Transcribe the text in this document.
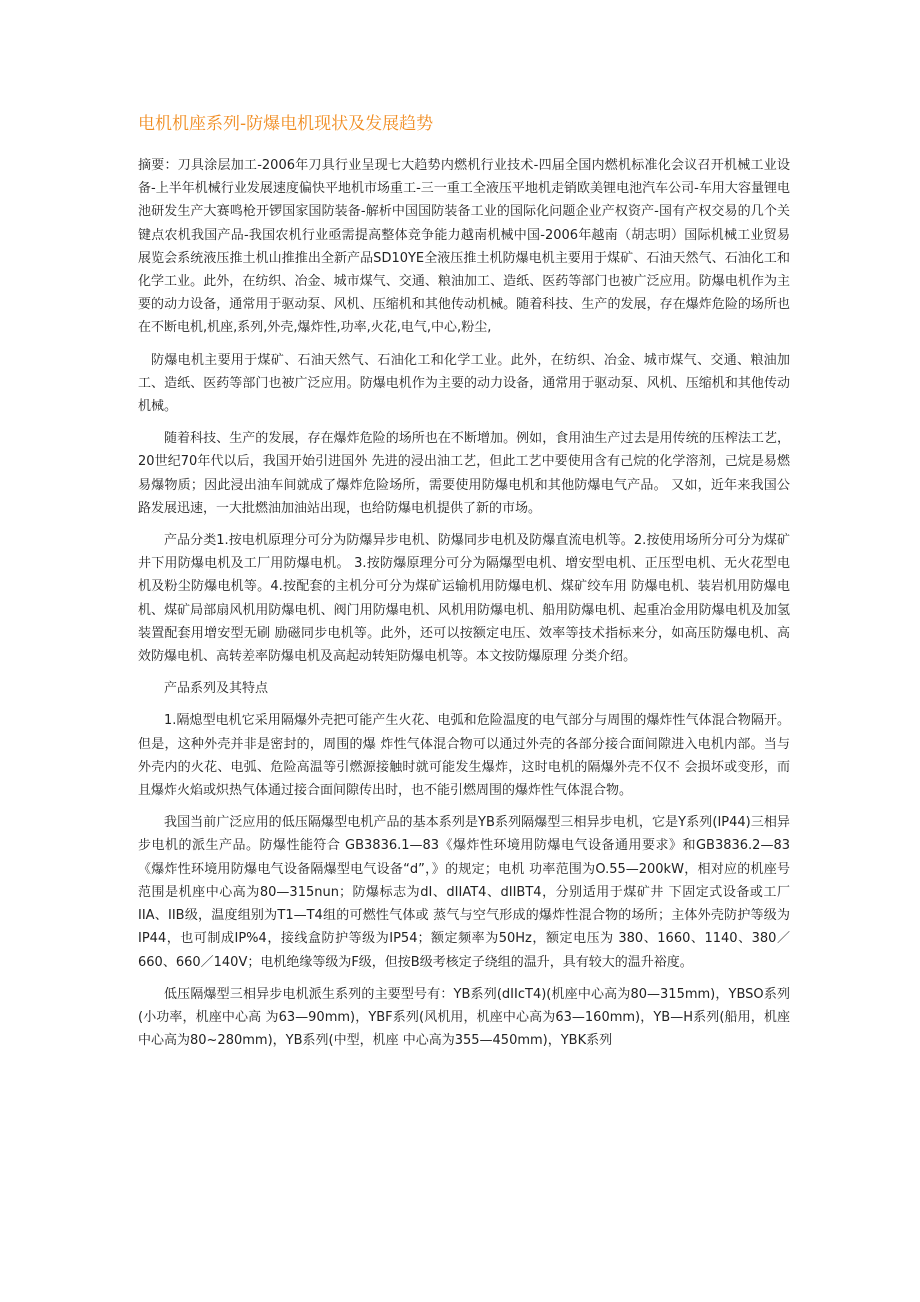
电机机座系列-防爆电机现状及发展趋势

摘要：刀具涂层加工-2006年刀具行业呈现七大趋势内燃机行业技术-四届全国内燃机标准化会议召开机械工业设备-上半年机械行业发展速度偏快平地机市场重工-三一重工全液压平地机走销欧美锂电池汽车公司-车用大容量锂电池研发生产大赛鸣枪开锣国家国防装备-解析中国国防装备工业的国际化问题企业产权资产-国有产权交易的几个关键点农机我国产品-我国农机行业亟需提高整体竞争能力越南机械中国-2006年越南（胡志明）国际机械工业贸易展览会系统液压推土机山推推出全新产品SD10YE全液压推土机防爆电机主要用于煤矿、石油天然气、石油化工和化学工业。此外，在纺织、冶金、城市煤气、交通、粮油加工、造纸、医药等部门也被广泛应用。防爆电机作为主要的动力设备，通常用于驱动泵、风机、压缩机和其他传动机械。随着科技、生产的发展，存在爆炸危险的场所也在不断电机,机座,系列,外壳,爆炸性,功率,火花,电气,中心,粉尘,

防爆电机主要用于煤矿、石油天然气、石油化工和化学工业。此外，在纺织、冶金、城市煤气、交通、粮油加工、造纸、医药等部门也被广泛应用。防爆电机作为主要的动力设备，通常用于驱动泵、风机、压缩机和其他传动机械。

随着科技、生产的发展，存在爆炸危险的场所也在不断增加。例如，食用油生产过去是用传统的压榨法工艺，20世纪70年代以后，我国开始引进国外 先进的浸出油工艺，但此工艺中要使用含有己烷的化学溶剂，己烷是易燃易爆物质；因此浸出油车间就成了爆炸危险场所，需要使用防爆电机和其他防爆电气产品。 又如，近年来我国公路发展迅速，一大批燃油加油站出现，也给防爆电机提供了新的市场。

产品分类1.按电机原理分可分为防爆异步电机、防爆同步电机及防爆直流电机等。2.按使用场所分可分为煤矿井下用防爆电机及工厂用防爆电机。 3.按防爆原理分可分为隔爆型电机、增安型电机、正压型电机、无火花型电机及粉尘防爆电机等。4.按配套的主机分可分为煤矿运输机用防爆电机、煤矿绞车用 防爆电机、装岩机用防爆电机、煤矿局部扇风机用防爆电机、阀门用防爆电机、风机用防爆电机、船用防爆电机、起重冶金用防爆电机及加氢装置配套用增安型无刷 励磁同步电机等。此外，还可以按额定电压、效率等技术指标来分，如高压防爆电机、高效防爆电机、高转差率防爆电机及高起动转矩防爆电机等。本文按防爆原理 分类介绍。

产品系列及其特点

1.隔熄型电机它采用隔爆外壳把可能产生火花、电弧和危险温度的电气部分与周围的爆炸性气体混合物隔开。但是，这种外壳并非是密封的，周围的爆 炸性气体混合物可以通过外壳的各部分接合面间隙进入电机内部。当与外壳内的火花、电弧、危险高温等引燃源接触时就可能发生爆炸，这时电机的隔爆外壳不仅不 会损坏或变形，而且爆炸火焰或炽热气体通过接合面间隙传出时，也不能引燃周围的爆炸性气体混合物。

我国当前广泛应用的低压隔爆型电机产品的基本系列是YB系列隔爆型三相异步电机，它是Y系列(IP44)三相异步电机的派生产品。防爆性能符合 GB3836.1—83《爆炸性环境用防爆电气设备通用要求》和GB3836.2—83《爆炸性环境用防爆电气设备隔爆型电气设备“d”，》的规定；电机 功率范围为O.55—200kW，相对应的机座号范围是机座中心高为80—315nun；防爆标志为dI、dIIAT4、dIIBT4，分别适用于煤矿井 下固定式设备或工厂IIA、IIB级，温度组别为T1—T4组的可燃性气体或 蒸气与空气形成的爆炸性混合物的场所；主体外壳防护等级为IP44，也可制成IP%4，接线盒防护等级为IP54；额定频率为50Hz，额定电压为 380、1660、1140、380／660、660／140V；电机绝缘等级为F级，但按B级考核定子绕组的温升，具有较大的温升裕度。

低压隔爆型三相异步电机派生系列的主要型号有：YB系列(dIIcT4)(机座中心高为80—315mm)，YBSO系列(小功率，机座中心高 为63—90mm)，YBF系列(风机用，机座中心高为63—160mm)，YB—H系列(船用，机座中心高为80~280mm)，YB系列(中型，机座 中心高为355—450mm)，YBK系列
